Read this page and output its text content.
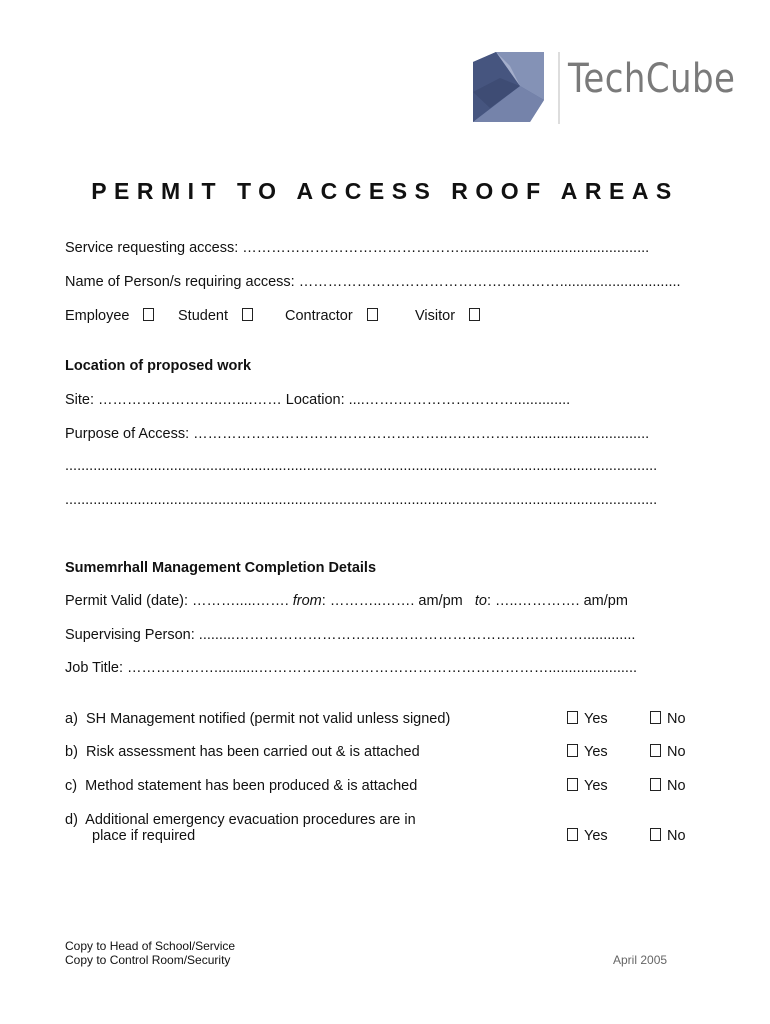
TechCube
PERMIT TO ACCESS ROOF AREAS
Service requesting access: ………………………………………...............................................
Name of Person/s requiring access: ………………………………………………..............................
Employee	Student	Contractor	Visitor
Location of proposed work
Site: ……………………..…....…… Location: ....…….……………………..............
Purpose of Access: ……………………………………………..….…………...............................
...................................................................................................................................................
...................................................................................................................................................
Sumemrhall Management Completion Details
Permit Valid (date): ……….....……. from: ………..……. am/pm   to: …..…………. am/pm
Supervising Person: .........……………………………………………………………….............
Job Title: ………………...........……………………………………………………......................
a) SH Management notified (permit not valid unless signed)	Yes	No
b) Risk assessment has been carried out & is attached	Yes	No
c) Method statement has been produced & is attached	Yes	No
d) Additional emergency evacuation procedures are in
place if required	Yes	No
Copy to Head of School/Service
Copy to Control Room/Security	April 2005
